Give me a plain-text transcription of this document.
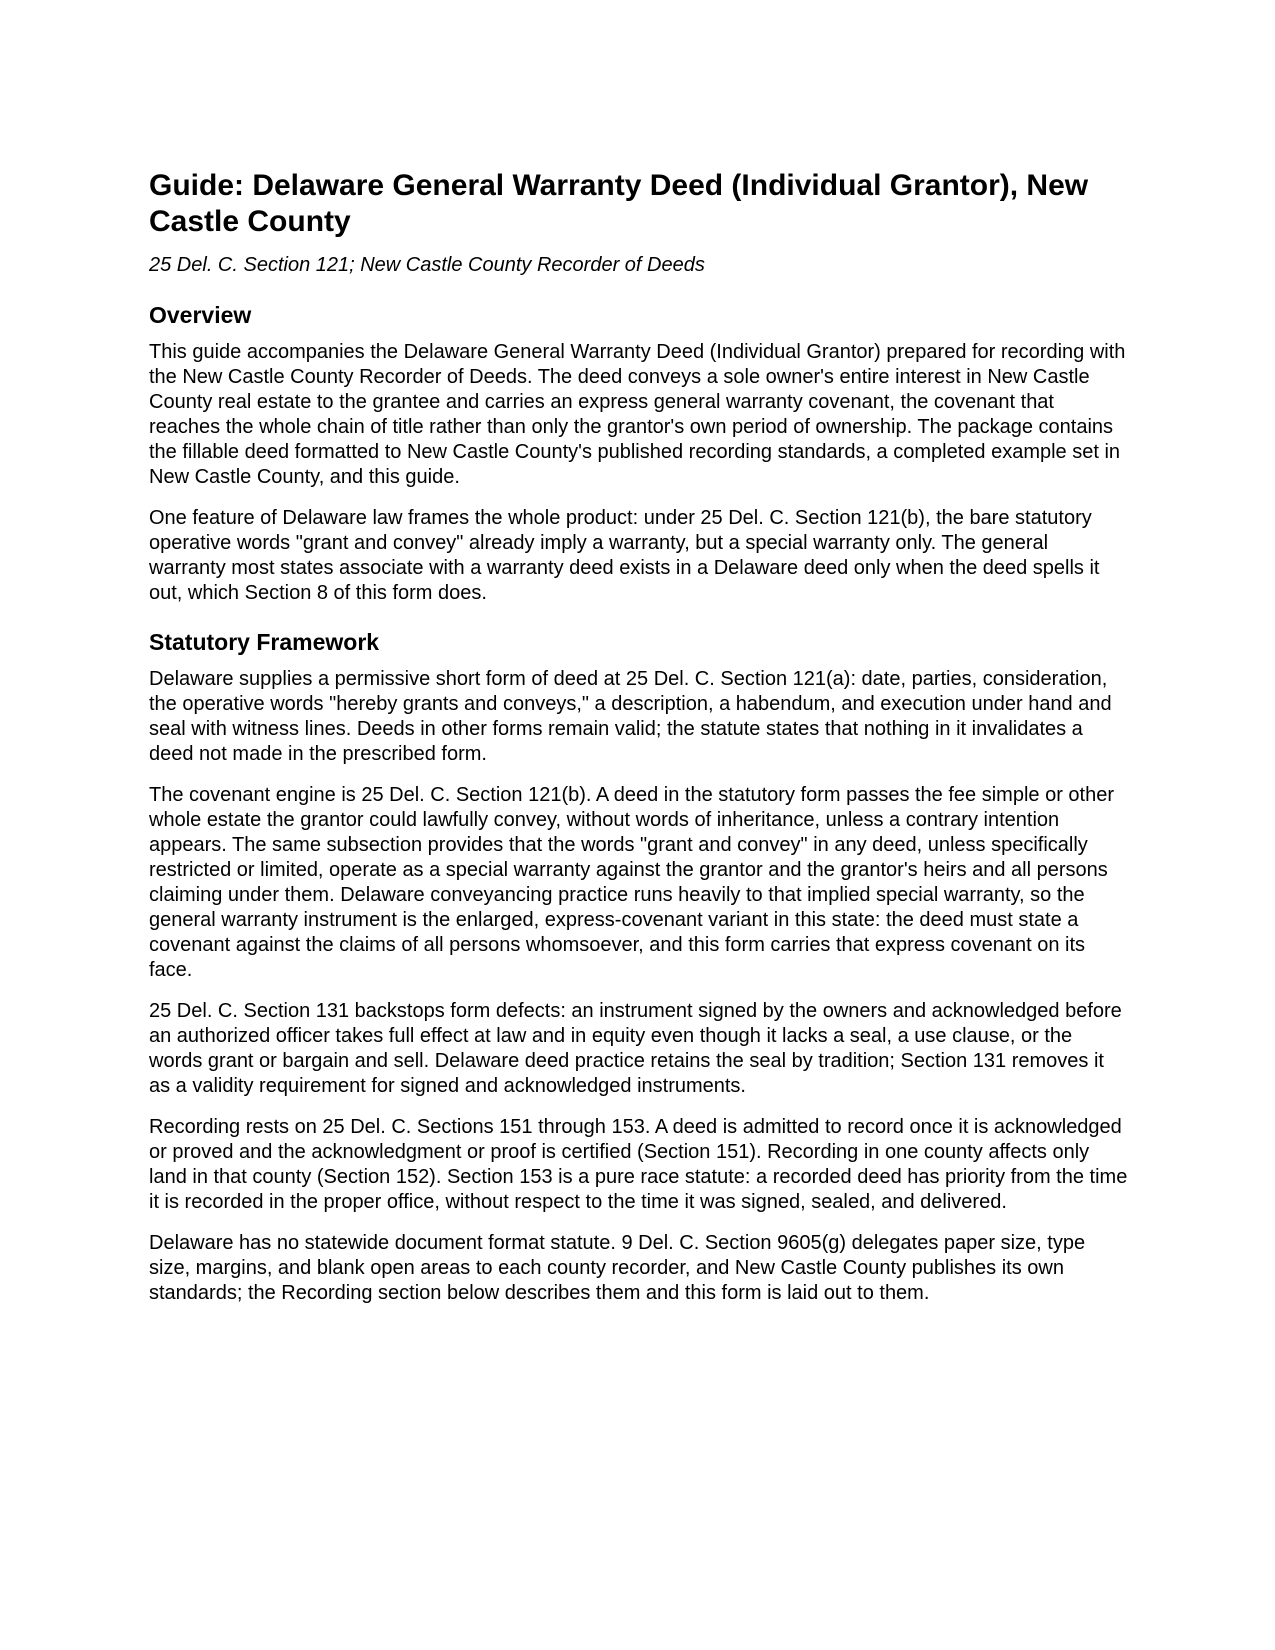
Guide: Delaware General Warranty Deed (Individual Grantor), New Castle County

25 Del. C. Section 121; New Castle County Recorder of Deeds

Overview

This guide accompanies the Delaware General Warranty Deed (Individual Grantor) prepared for recording with the New Castle County Recorder of Deeds. The deed conveys a sole owner's entire interest in New Castle County real estate to the grantee and carries an express general warranty covenant, the covenant that reaches the whole chain of title rather than only the grantor's own period of ownership. The package contains the fillable deed formatted to New Castle County's published recording standards, a completed example set in New Castle County, and this guide.

One feature of Delaware law frames the whole product: under 25 Del. C. Section 121(b), the bare statutory operative words "grant and convey" already imply a warranty, but a special warranty only. The general warranty most states associate with a warranty deed exists in a Delaware deed only when the deed spells it out, which Section 8 of this form does.

Statutory Framework

Delaware supplies a permissive short form of deed at 25 Del. C. Section 121(a): date, parties, consideration, the operative words "hereby grants and conveys," a description, a habendum, and execution under hand and seal with witness lines. Deeds in other forms remain valid; the statute states that nothing in it invalidates a deed not made in the prescribed form.

The covenant engine is 25 Del. C. Section 121(b). A deed in the statutory form passes the fee simple or other whole estate the grantor could lawfully convey, without words of inheritance, unless a contrary intention appears. The same subsection provides that the words "grant and convey" in any deed, unless specifically restricted or limited, operate as a special warranty against the grantor and the grantor's heirs and all persons claiming under them. Delaware conveyancing practice runs heavily to that implied special warranty, so the general warranty instrument is the enlarged, express-covenant variant in this state: the deed must state a covenant against the claims of all persons whomsoever, and this form carries that express covenant on its face.

25 Del. C. Section 131 backstops form defects: an instrument signed by the owners and acknowledged before an authorized officer takes full effect at law and in equity even though it lacks a seal, a use clause, or the words grant or bargain and sell. Delaware deed practice retains the seal by tradition; Section 131 removes it as a validity requirement for signed and acknowledged instruments.

Recording rests on 25 Del. C. Sections 151 through 153. A deed is admitted to record once it is acknowledged or proved and the acknowledgment or proof is certified (Section 151). Recording in one county affects only land in that county (Section 152). Section 153 is a pure race statute: a recorded deed has priority from the time it is recorded in the proper office, without respect to the time it was signed, sealed, and delivered.

Delaware has no statewide document format statute. 9 Del. C. Section 9605(g) delegates paper size, type size, margins, and blank open areas to each county recorder, and New Castle County publishes its own standards; the Recording section below describes them and this form is laid out to them.
